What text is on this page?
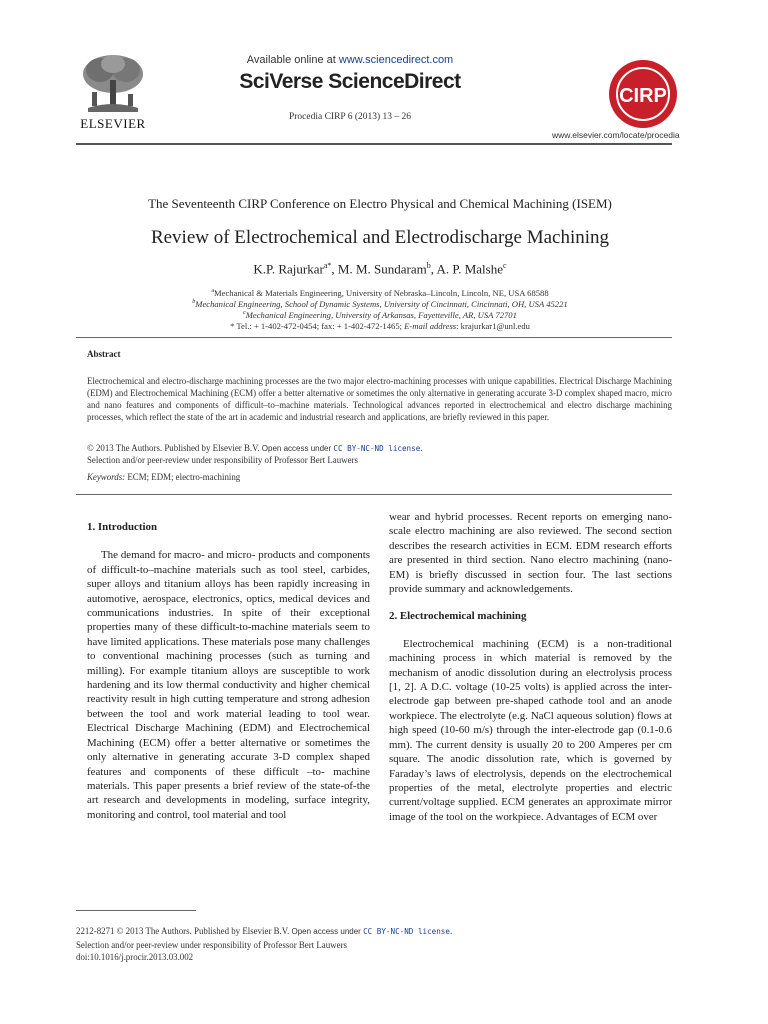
ELSEVIER
Available online at www.sciencedirect.com
SciVerse ScienceDirect
Procedia CIRP 6 (2013) 13 – 26
CIRP
www.elsevier.com/locate/procedia
The Seventeenth CIRP Conference on Electro Physical and Chemical Machining (ISEM)
Review of Electrochemical and Electrodischarge Machining
K.P. Rajurkar$^{a*}$, M. M. Sundaram$^b$, A. P. Malshe$^c$
$^a$Mechanical & Materials Engineering, University of Nebraska–Lincoln, Lincoln, NE, USA 68588
$^b$Mechanical Engineering, School of Dynamic Systems, University of Cincinnati, Cincinnati, OH, USA 45221
$^c$Mechanical Engineering, University of Arkansas, Fayetteville, AR, USA 72701
* Tel.: + 1-402-472-0454; fax: + 1-402-472-1465; E-mail address: krajurkar1@unl.edu
Abstract
Electrochemical and electro-discharge machining processes are the two major electro-machining processes with unique capabilities. Electrical Discharge Machining (EDM) and Electrochemical Machining (ECM) offer a better alternative or sometimes the only alternative in generating accurate 3-D complex shaped macro, micro and nano features and components of difficult–to–machine materials. Technological advances reported in electrochemical and electro discharge machining processes, which reflect the state of the art in academic and industrial research and applications, are briefly reviewed in this paper.
© 2013 The Authors. Published by Elsevier B.V. Open access under CC BY-NC-ND license.
Selection and/or peer-review under responsibility of Professor Bert Lauwers
Keywords: ECM; EDM; electro-machining
1. Introduction

The demand for macro- and micro- products and components of difficult-to–machine materials such as tool steel, carbides, super alloys and titanium alloys has been rapidly increasing in automotive, aerospace, electronics, optics, medical devices and communications industries. In spite of their exceptional properties many of these difficult-to-machine materials seem to have limited applications. These materials pose many challenges to conventional machining processes (such as turning and milling). For example titanium alloys are susceptible to work hardening and its low thermal conductivity and higher chemical reactivity result in high cutting temperature and strong adhesion between the tool and work material leading to tool wear. Electrical Discharge Machining (EDM) and Electrochemical Machining (ECM) offer a better alternative or sometimes the only alternative in generating accurate 3-D complex shaped features and components of these difficult –to- machine materials. This paper presents a brief review of the state-of-the art research and developments in modeling, surface integrity, monitoring and control, tool material and tool

wear and hybrid processes. Recent reports on emerging nano-scale electro machining are also reviewed. The second section describes the research activities in ECM. EDM research efforts are presented in third section. Nano electro machining (nano-EM) is briefly discussed in section four. The last sections provide summary and acknowledgements.

2. Electrochemical machining

Electrochemical machining (ECM) is a non-traditional machining process in which material is removed by the mechanism of anodic dissolution during an electrolysis process [1, 2]. A D.C. voltage (10-25 volts) is applied across the inter-electrode gap between pre-shaped cathode tool and an anode workpiece. The electrolyte (e.g. NaCl aqueous solution) flows at high speed (10-60 m/s) through the inter-electrode gap (0.1-0.6 mm). The current density is usually 20 to 200 Amperes per cm square. The anodic dissolution rate, which is governed by Faraday’s laws of electrolysis, depends on the electrochemical properties of the metal, electrolyte properties and electric current/voltage supplied. ECM generates an approximate mirror image of the tool on the workpiece. Advantages of ECM over

2212-8271 © 2013 The Authors. Published by Elsevier B.V. Open access under CC BY-NC-ND license.
Selection and/or peer-review under responsibility of Professor Bert Lauwers
doi:10.1016/j.procir.2013.03.002
